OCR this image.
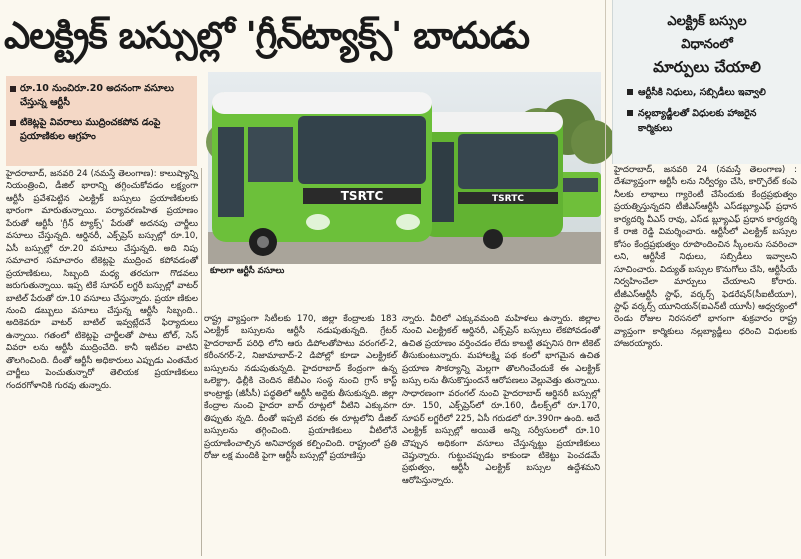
ఎలక్ట్రిక్ బస్సుల్లో 'గ్రీన్‌ట్యాక్స్' బాదుడు
రూ.10 నుంచిరూ.20 అదనంగా వసూలు చేస్తున్న ఆర్టీసీ
టికెట్లపై వివరాలు ముద్రించకపోవ డంపై ప్రయాణికుల ఆగ్రహం
TSRTC
TSRTC
కూలగా ఆర్టీసీ వసూలు
హైదరాబాద్, జనవరి 24 (నమస్తే తెలంగాణ): కాలుష్యాన్ని నియంత్రించి, డీజిల్ భారాన్ని తగ్గించుకోవడం లక్ష్యంగా ఆర్టీసీ ప్రవేశపెట్టిన ఎలక్ట్రిక్ బస్సులు ప్రయాణికులకు భారంగా మారుతున్నాయి. పర్యావరణహిత ప్రయాణం పేరుతో ఆర్టీసీ 'గ్రీన్ ట్యాక్స్' పేరుతో అదనపు చార్జీలు వసూలు చేస్తున్నది. ఆర్డినరీ, ఎక్స్‌ప్రెస్ బస్సుల్లో రూ.10, ఏసీ బస్సుల్లో రూ.20 వసూలు చేస్తున్నది. అది నిపు సమాచార సమాచారం టికెట్లపై ముద్రించ కపోవడంతో ప్రయాణికులు, సిబ్బంది మధ్య తరచుగా గొడవలు జరుగుతున్నాయి. ఇప్ప టికే సూపర్ లగ్జరీ బస్సుల్లో వాటర్ బాటిల్ పేరుతో రూ.10 వసూలు చేస్తున్నారు. ప్రయా ణికుల నుంచి డబ్బులు వసూలు చేస్తున్న ఆర్టీసీ సిబ్బంది.. అదికెవరూ వాటర్ బాటిల్ ఇవ్వట్లేదనే ఫిర్యాదులు ఉన్నాయి. గతంలో టికెట్లపై చార్జీలతో పాటు టోల్, సెస్ వివరా లను ఆర్టీసీ ముద్రించేది. కానీ ఇటీవల వాటిని తొలగించింది. దీంతో ఆర్టీసీ అధికారులు ఎప్పుడు ఎంతమేర చార్జీలు పెంచుతున్నారో తెలియక ప్రయాణికులు గందరగోళానికి గురవు తున్నారు.
రాష్ట్ర వ్యాప్తంగా సిటీలకు 170, జిల్లా కేంద్రాలకు 183 ఎలక్ట్రిక్ బస్సులను ఆర్టీసీ నడుపుతున్నది. గ్రేటర్ హైదరాబాద్ పరిధి లోని ఆరు డిపోలతోపాటు వరంగల్-2, కరీంనగర్-2, నిజామాబాద్-2 డిపోల్లో కూడా ఎలక్ట్రికల్ బస్సులను నడుపుతున్నది. హైదరాబాద్ కేంద్రంగా ఉన్న ఒలెక్ట్రా, ఢిల్లీకి చెందిన జేబీఎం సంస్థ నుంచి గ్రాస్ కాస్ట్ కాంట్రాక్టు (జీసీసీ) పద్ధతిలో ఆర్టీసీ అద్దెకు తీసుకున్నది. జిల్లా కేంద్రాల నుంచి హైదరా బాద్ రూట్లలో వీటిని ఎక్కువగా తిప్పుతు న్నది. దీంతో ఇప్పటి వరకు ఈ రూట్లలోని డీజిల్ బస్సులను తగ్గించింది. ప్రయాణికులు వీటిలోనే ప్రయాణించాల్సిన అనివార్యత కల్పించింది. రాష్ట్రంలో ప్రతి రోజు లక్ష మందికి పైగా ఆర్టీసీ బస్సుల్లో ప్రయాణిస్తు
న్నారు. వీరిలో ఎక్కువమంది మహిళలు ఉన్నారు. జిల్లాల నుంచి ఎలక్ట్రికల్ ఆర్డినరీ, ఎక్స్‌ప్రెస్ బస్సులు లేకపోవడంతో ఉచిత ప్రయాణం వర్తించడం లేదు కాబట్టి తప్పనిస రిగా టికెట్ తీసుకుంటున్నారు. మహాలక్ష్మి పథ కంలో భాగమైన ఉచిత ప్రయాణ సౌకర్యాన్ని మెల్లగా తొలగించేందుకే ఈ ఎలక్ట్రిక్ బస్సు లను తీసుకొస్తుందనే ఆరోపణలు వెల్లువెత్తు తున్నాయి. సాధారణంగా వరంగల్ నుంచి హైదరాబాద్ ఆర్డినరీ బస్సుల్లో రూ. 150, ఎక్స్‌ప్రెస్‌లో రూ.160, డీలక్స్‌లో రూ.170, సూపర్ లగ్జరీలో 225, ఏసీ గరుడలో రూ.390గా ఉంది. అదే ఎలక్ట్రిక్ బస్సుల్లో అయితే అన్ని సర్వీసులలో రూ.10 చొప్పున అధికంగా వసూలు చేస్తున్నట్టు ప్రయాణికులు చెప్తున్నారు. గుట్టుచప్పుడు కాకుండా టికెట్టు పెంచడమే ప్రభుత్వం, ఆర్టీసీ ఎలక్ట్రిక్ బస్సుల ఉద్దేశమని ఆరోపిస్తున్నారు.
ఎలక్ట్రిక్ బస్సుల
విధానంలో
మార్పులు చేయాలి
ఆర్టీసీకి నిధులు, సబ్సిడీలు ఇవ్వాలి
నల్లబ్యాడ్జీలతో విధులకు హాజరైన కార్మికులు
హైదరాబాద్, జనవరి 24 (నమస్తే తెలంగాణ) : దేశవ్యాప్తంగా ఆర్టీసీ లను నిర్వీర్యం చేసి, కార్పొరేట్ కంపె నీలకు లాభాలు గ్యారెంటీ చేసేందుకు కేంద్రప్రభుత్వం ప్రయత్నిస్తున్నదని టీజీఎస్ఆర్టీసీ ఎస్‌డబ్ల్యూఎఫ్ ప్రధాన కార్యదర్శి వీఎస్ రావు, ఎస్‌డ బ్ల్యూఎఫ్ ప్రధాన కార్యదర్శి కే రాజి రెడ్డి విమర్శించారు. ఆర్టీసీలో ఎలక్ట్రిక్ బస్సుల కోసం కేంద్రప్రభుత్వం రూపొందించిన స్కీంలను సవరించా లని, ఆర్టీసీకే నిధులు, సబ్సిడీలు ఇవ్వాలని సూచించారు. విద్యుత్ బస్సుల కొనుగోలు చేసి, ఆర్టీసీయే నిర్వహించేలా మార్పులు చేయాలని కోరారు. టీజీఎస్ఆర్టీసీ స్టాఫ్, వర్కర్స్ ఫెడరేషన్(సీఐటీయూ), స్టాఫ్ వర్కర్స్ యూనియన్(ఐఎన్‌టీ యూసీ) ఆధ్వర్యంలో రెండు రోజుల నిరసనలో భాగంగా శుక్రవారం రాష్ట్ర వ్యాప్తంగా కార్మికులు నల్లబ్యాడ్జీలు ధరించి విధులకు హాజరయ్యారు.
